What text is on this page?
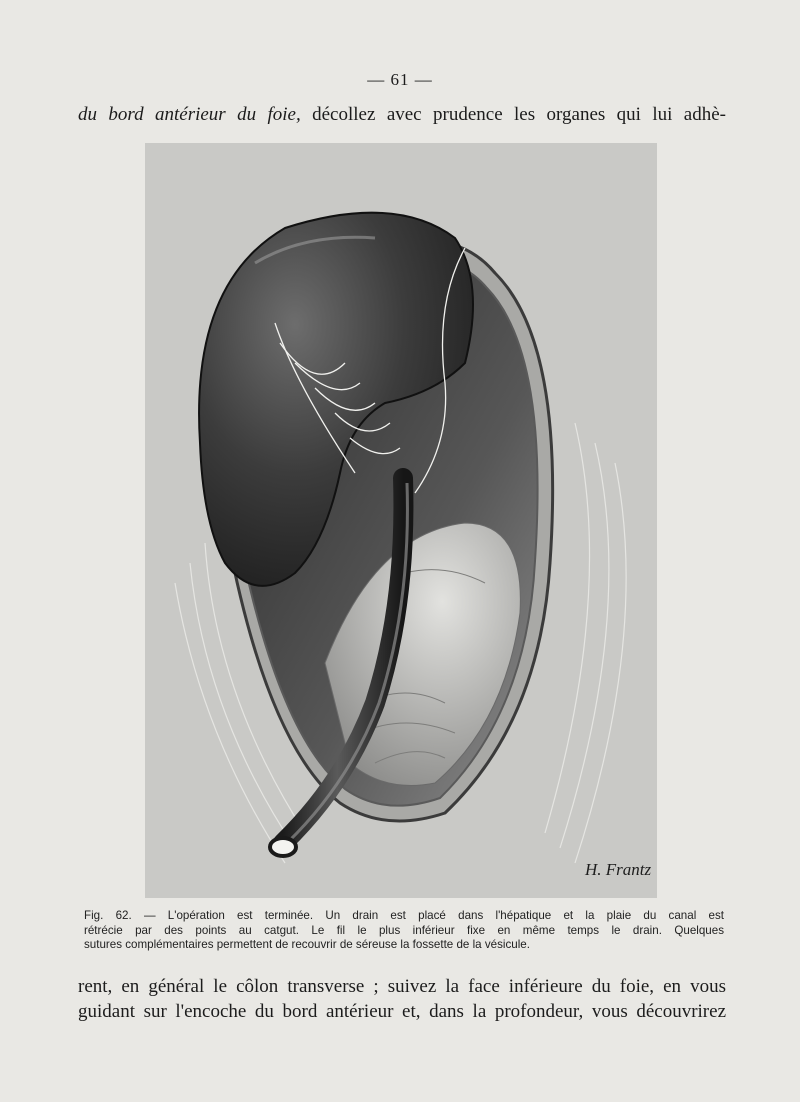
— 61 —
du bord antérieur du foie, décollez avec prudence les organes qui lui adhè-
H. Frantz
Fig. 62. — L'opération est terminée. Un drain est placé dans l'hépatique et la plaie du canal est
rétrécie par des points au catgut. Le fil le plus inférieur fixe en même temps le drain. Quelques
sutures complémentaires permettent de recouvrir de séreuse la fossette de la vésicule.
rent, en général le côlon transverse ; suivez la face inférieure du foie, en vous
guidant sur l'encoche du bord antérieur et, dans la profondeur, vous découvrirez
